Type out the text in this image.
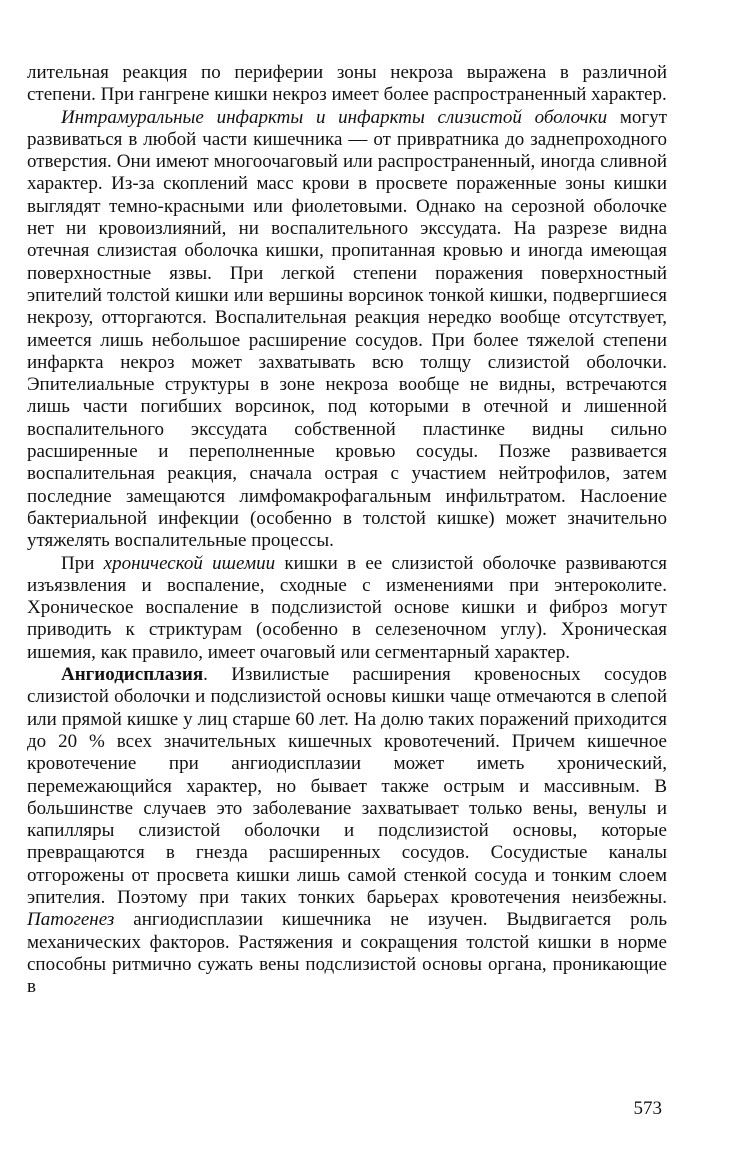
лительная реакция по периферии зоны некроза выражена в различной степени. При гангрене кишки некроз имеет более распространенный характер.

Интрамуральные инфаркты и инфаркты слизистой оболочки могут развиваться в любой части кишечника — от привратника до заднепроходного отверстия. Они имеют многоочаговый или распространенный, иногда сливной характер. Из-за скоплений масс крови в просвете пораженные зоны кишки выглядят темно-красными или фиолетовыми. Однако на серозной оболочке нет ни кровоизлияний, ни воспалительного экссудата. На разрезе видна отечная слизистая оболочка кишки, пропитанная кровью и иногда имеющая поверхностные язвы. При легкой степени поражения поверхностный эпителий толстой кишки или вершины ворсинок тонкой кишки, подвергшиеся некрозу, отторгаются. Воспалительная реакция нередко вообще отсутствует, имеется лишь небольшое расширение сосудов. При более тяжелой степени инфаркта некроз может захватывать всю толщу слизистой оболочки. Эпителиальные структуры в зоне некроза вообще не видны, встречаются лишь части погибших ворсинок, под которыми в отечной и лишенной воспалительного экссудата собственной пластинке видны сильно расширенные и переполненные кровью сосуды. Позже развивается воспалительная реакция, сначала острая с участием нейтрофилов, затем последние замещаются лимфомакрофагальным инфильтратом. Наслоение бактериальной инфекции (особенно в толстой кишке) может значительно утяжелять воспалительные процессы.

При хронической ишемии кишки в ее слизистой оболочке развиваются изъязвления и воспаление, сходные с изменениями при энтероколите. Хроническое воспаление в подслизистой основе кишки и фиброз могут приводить к стриктурам (особенно в селезеночном углу). Хроническая ишемия, как правило, имеет очаговый или сегментарный характер.

Ангиодисплазия. Извилистые расширения кровеносных сосудов слизистой оболочки и подслизистой основы кишки чаще отмечаются в слепой или прямой кишке у лиц старше 60 лет. На долю таких поражений приходится до 20 % всех значительных кишечных кровотечений. Причем кишечное кровотечение при ангиодисплазии может иметь хронический, перемежающийся характер, но бывает также острым и массивным. В большинстве случаев это заболевание захватывает только вены, венулы и капилляры слизистой оболочки и подслизистой основы, которые превращаются в гнезда расширенных сосудов. Сосудистые каналы отгорожены от просвета кишки лишь самой стенкой сосуда и тонким слоем эпителия. Поэтому при таких тонких барьерах кровотечения неизбежны. Патогенез ангиодисплазии кишечника не изучен. Выдвигается роль механических факторов. Растяжения и сокращения толстой кишки в норме способны ритмично сужать вены подслизистой основы органа, проникающие в

573
